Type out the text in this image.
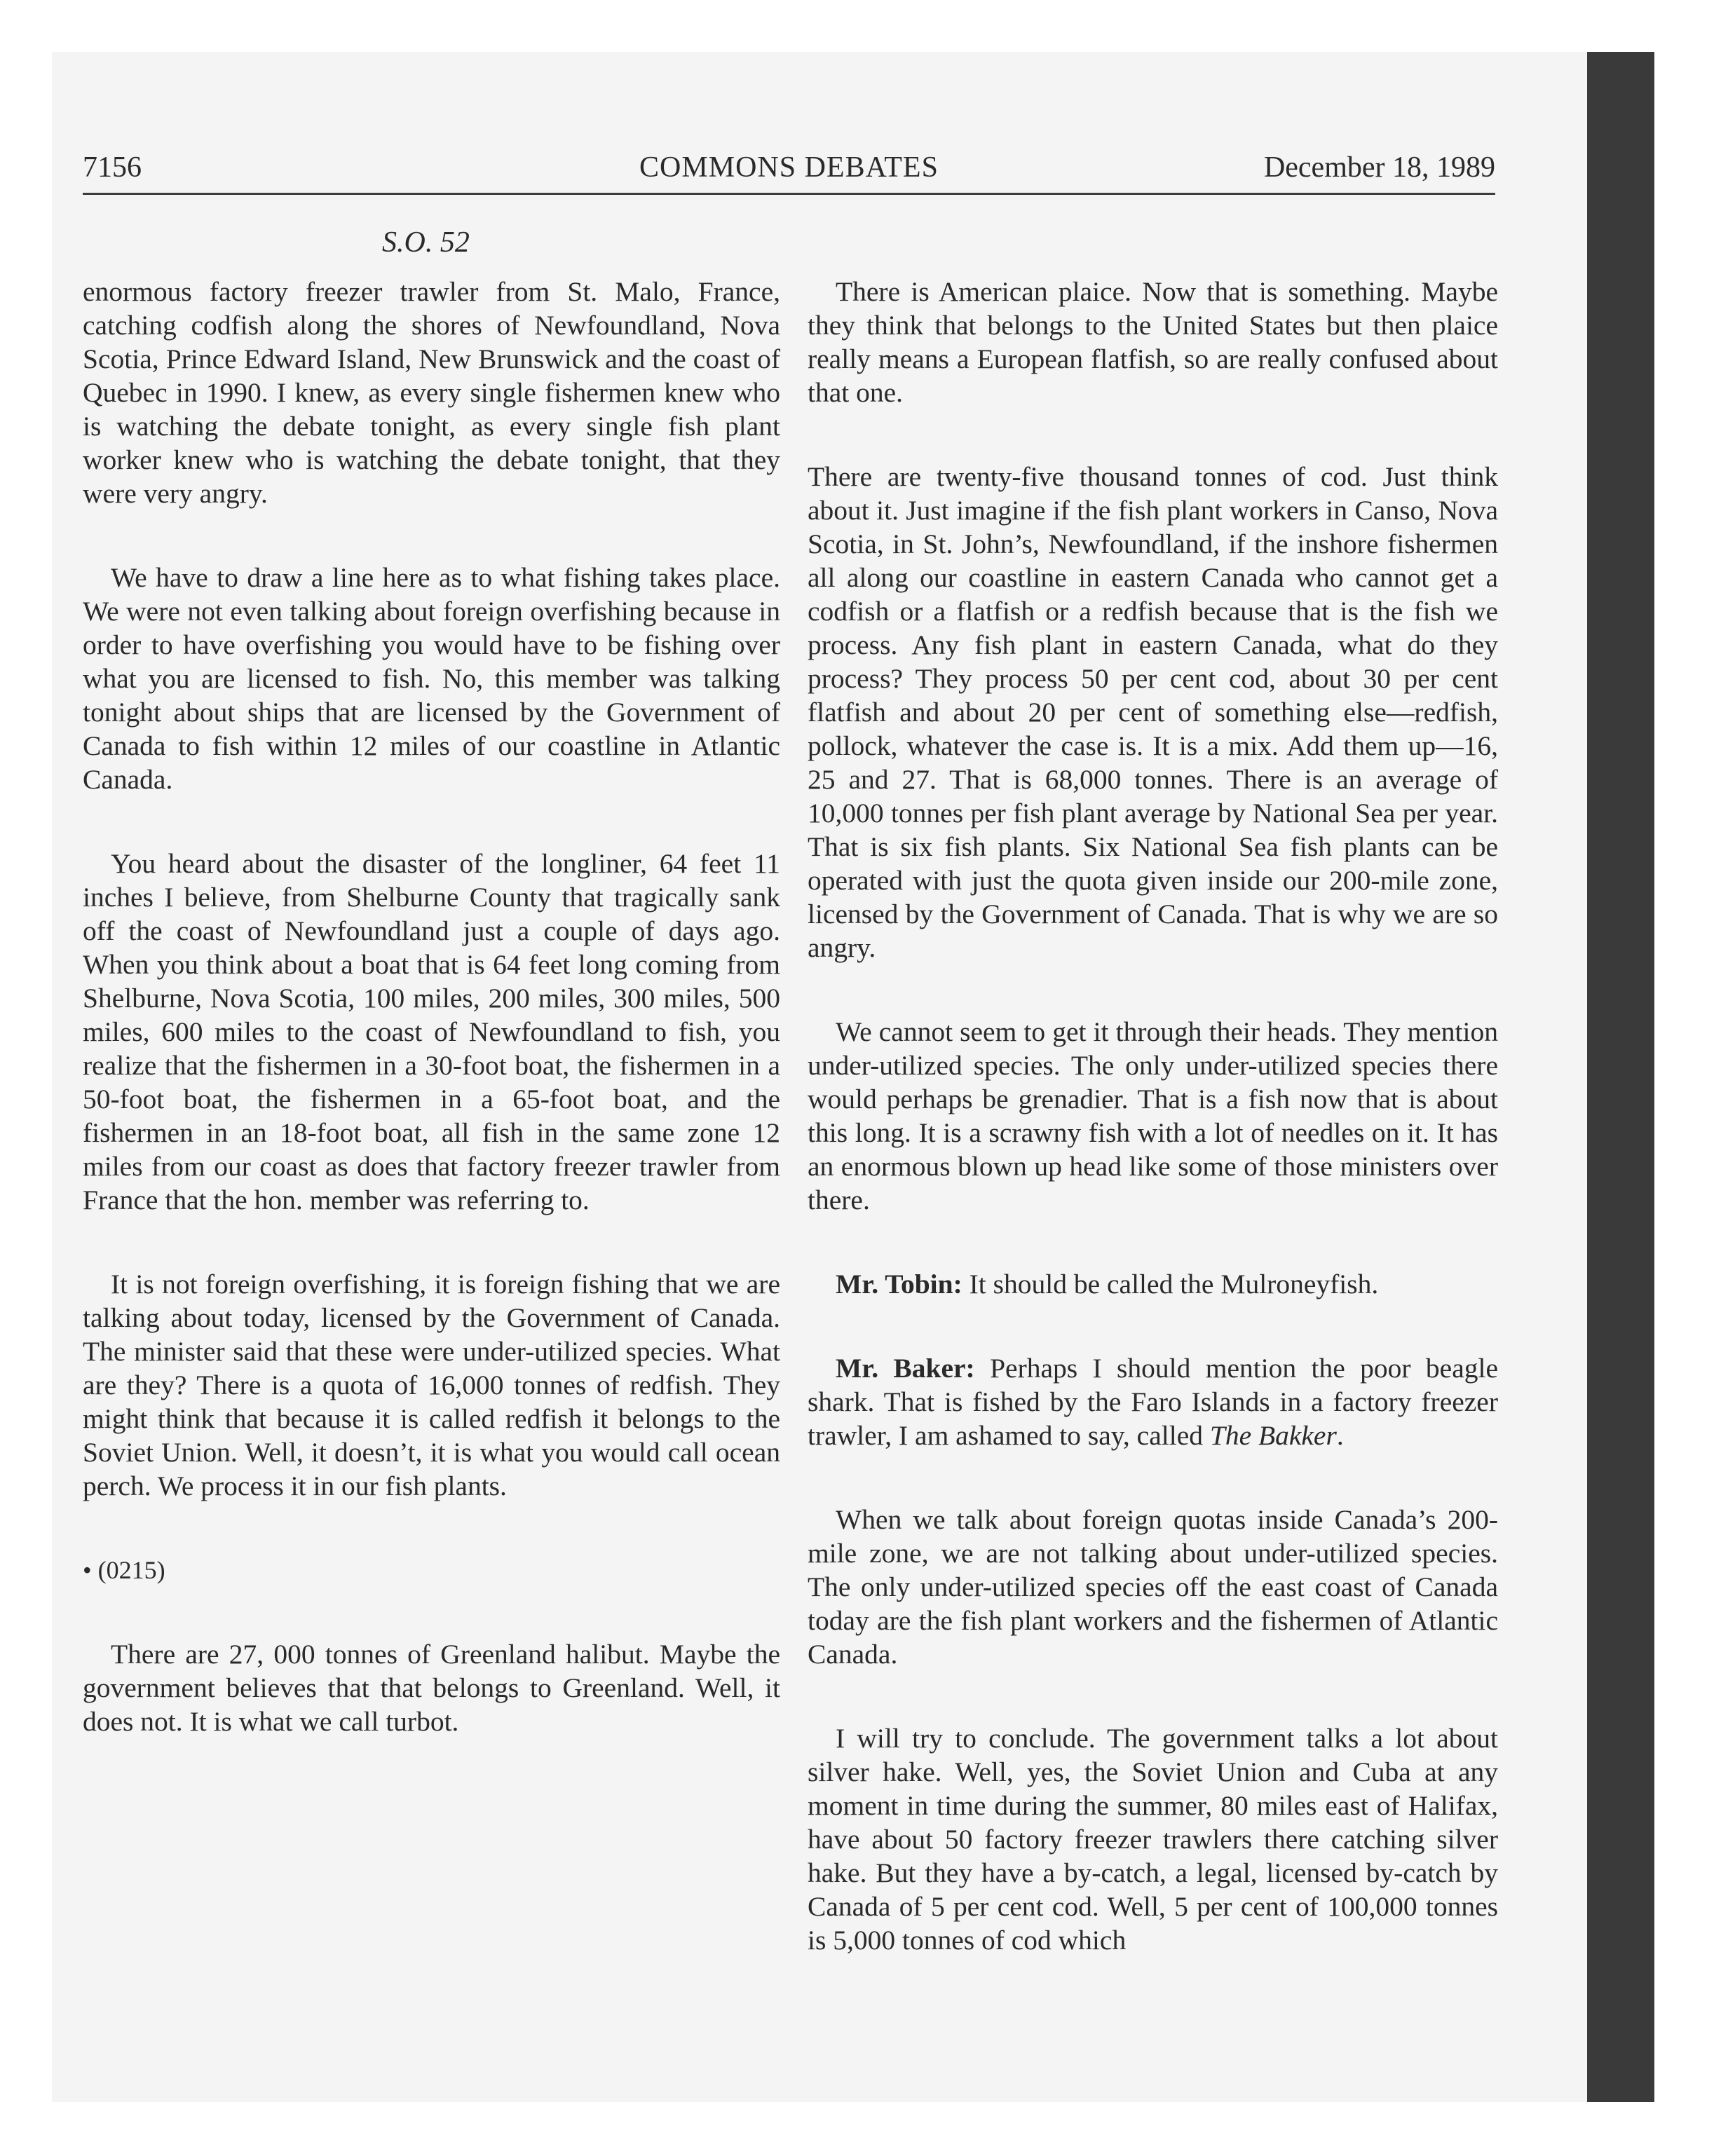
7156	COMMONS DEBATES	December 18, 1989
S.O. 52

enormous factory freezer trawler from St. Malo, France, catching codfish along the shores of Newfoundland, Nova Scotia, Prince Edward Island, New Brunswick and the coast of Quebec in 1990. I knew, as every single fishermen knew who is watching the debate tonight, as every single fish plant worker knew who is watching the debate tonight, that they were very angry.

We have to draw a line here as to what fishing takes place. We were not even talking about foreign overfishing because in order to have overfishing you would have to be fishing over what you are licensed to fish. No, this member was talking tonight about ships that are licensed by the Government of Canada to fish within 12 miles of our coastline in Atlantic Canada.

You heard about the disaster of the longliner, 64 feet 11 inches I believe, from Shelburne County that tragically sank off the coast of Newfoundland just a couple of days ago. When you think about a boat that is 64 feet long coming from Shelburne, Nova Scotia, 100 miles, 200 miles, 300 miles, 500 miles, 600 miles to the coast of Newfoundland to fish, you realize that the fishermen in a 30-foot boat, the fishermen in a 50-foot boat, the fishermen in a 65-foot boat, and the fishermen in an 18-foot boat, all fish in the same zone 12 miles from our coast as does that factory freezer trawler from France that the hon. member was referring to.

It is not foreign overfishing, it is foreign fishing that we are talking about today, licensed by the Government of Canada. The minister said that these were under-utilized species. What are they? There is a quota of 16,000 tonnes of redfish. They might think that because it is called redfish it belongs to the Soviet Union. Well, it doesn’t, it is what you would call ocean perch. We process it in our fish plants.

• (0215)

There are 27, 000 tonnes of Greenland halibut. Maybe the government believes that that belongs to Greenland. Well, it does not. It is what we call turbot.

There is American plaice. Now that is something. Maybe they think that belongs to the United States but then plaice really means a European flatfish, so are really confused about that one.

There are twenty-five thousand tonnes of cod. Just think about it. Just imagine if the fish plant workers in Canso, Nova Scotia, in St. John’s, Newfoundland, if the inshore fishermen all along our coastline in eastern Canada who cannot get a codfish or a flatfish or a redfish because that is the fish we process. Any fish plant in eastern Canada, what do they process? They process 50 per cent cod, about 30 per cent flatfish and about 20 per cent of something else—redfish, pollock, whatever the case is. It is a mix. Add them up—16, 25 and 27. That is 68,000 tonnes. There is an average of 10,000 tonnes per fish plant average by National Sea per year. That is six fish plants. Six National Sea fish plants can be operated with just the quota given inside our 200-mile zone, licensed by the Government of Canada. That is why we are so angry.

We cannot seem to get it through their heads. They mention under-utilized species. The only under-utilized species there would perhaps be grenadier. That is a fish now that is about this long. It is a scrawny fish with a lot of needles on it. It has an enormous blown up head like some of those ministers over there.

Mr. Tobin: It should be called the Mulroneyfish.

Mr. Baker: Perhaps I should mention the poor beagle shark. That is fished by the Faro Islands in a factory freezer trawler, I am ashamed to say, called The Bakker.

When we talk about foreign quotas inside Canada’s 200-mile zone, we are not talking about under-utilized species. The only under-utilized species off the east coast of Canada today are the fish plant workers and the fishermen of Atlantic Canada.

I will try to conclude. The government talks a lot about silver hake. Well, yes, the Soviet Union and Cuba at any moment in time during the summer, 80 miles east of Halifax, have about 50 factory freezer trawlers there catching silver hake. But they have a by-catch, a legal, licensed by-catch by Canada of 5 per cent cod. Well, 5 per cent of 100,000 tonnes is 5,000 tonnes of cod which
